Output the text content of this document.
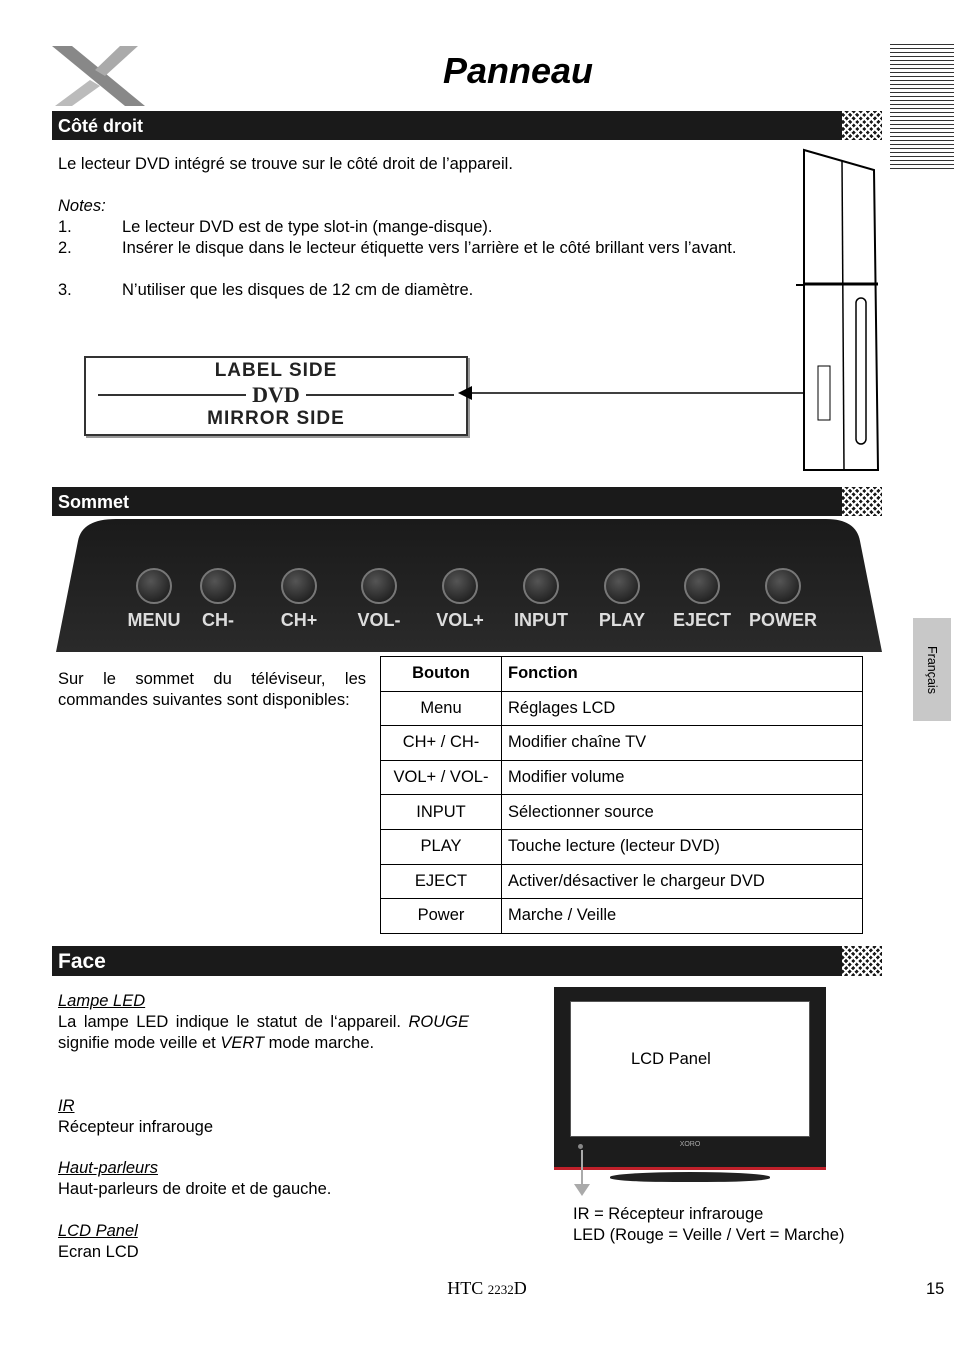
Panneau
Côté droit
Le lecteur DVD intégré se trouve sur le côté droit de l’appareil.
Notes:
1.	Le lecteur DVD est de type slot-in (mange-disque).
2.	Insérer le disque dans le lecteur étiquette vers l’arrière et le côté brillant vers l’avant.
3.	N’utiliser que les disques de 12 cm de diamètre.
LABEL SIDE
DVD
MIRROR SIDE
Sommet
MENU	CH-	CH+	VOL-	VOL+	INPUT	PLAY	EJECT POWER
Sur le sommet du téléviseur, les commandes suivantes sont disponibles:
Bouton	Fonction
Menu	Réglages LCD
CH+ / CH-	Modifier chaîne TV
VOL+ / VOL-	Modifier volume
INPUT	Sélectionner source
PLAY	Touche lecture (lecteur DVD)
EJECT	Activer/désactiver le chargeur DVD
Power	Marche / Veille
Face
Lampe LED
La lampe LED indique le statut de l‘appareil. ROUGE signifie mode veille et VERT mode marche.
IR
Récepteur infrarouge
Haut-parleurs
Haut-parleurs de droite et de gauche.
LCD Panel
Ecran LCD
LCD Panel
XORO
IR = Récepteur infrarouge
LED (Rouge = Veille / Vert = Marche)
Français
HTC 2232D	15
